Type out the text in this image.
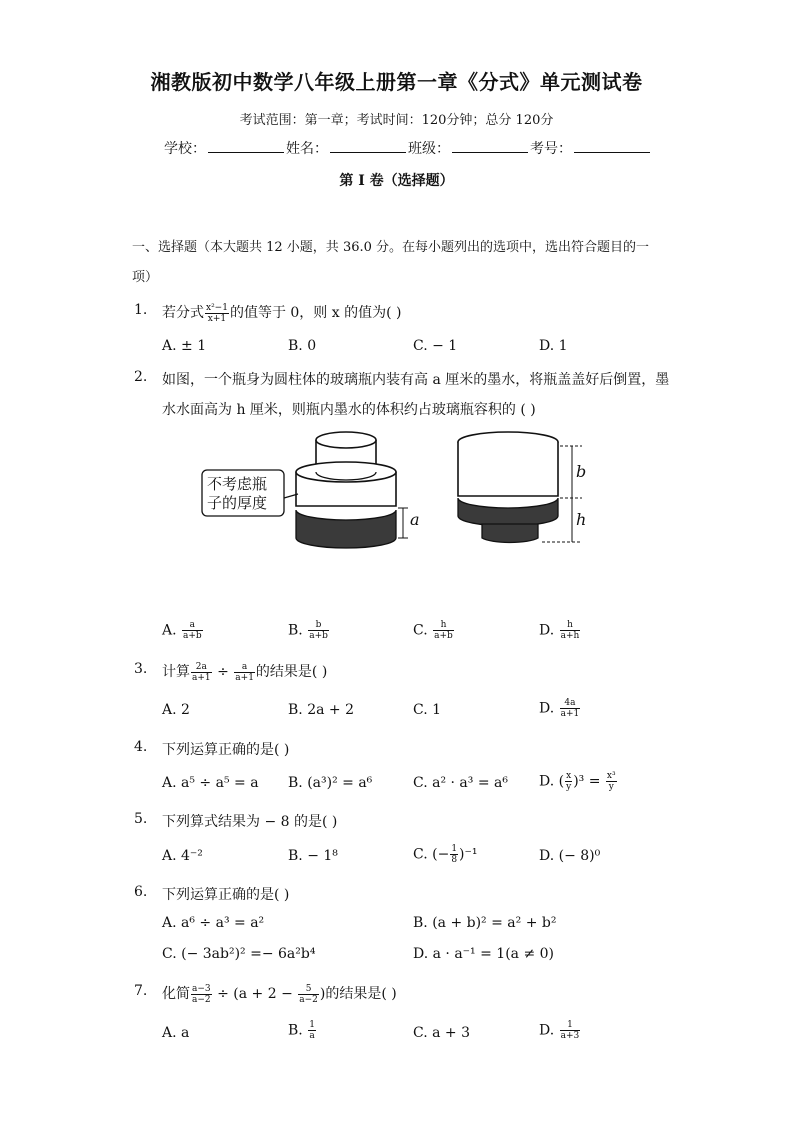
湘教版初中数学八年级上册第一章《分式》单元测试卷
考试范围：第一章；考试时间：120分钟；总分 120分
学校：	姓名：	班级：	考号：
第 I 卷（选择题）
一、选择题（本大题共 12 小题，共 36.0 分。在每小题列出的选项中，选出符合题目的一项）
1. 若分式 $\frac{\text{x²−1}}{x+1}$ 的值等于 0，则 x 的值为( )
A. ± 1	B. 0	C. − 1	D. 1
2. 如图，一个瓶身为圆柱体的玻璃瓶内装有高 a 厘米的墨水，将瓶盖盖好后倒置，墨
水水面高为 h 厘米，则瓶内墨水的体积约占玻璃瓶容积的 ( )
不考虑瓶
子的厚度
a
b
h
A. $\frac{a}{a+b}$	B. $\frac{b}{a+b}$	C. $\frac{h}{a+b}$	D. $\frac{h}{a+h}$
3. 计算 $\frac{2a}{a+1} \div \frac{a}{a+1}$ 的结果是( )
A. 2	B. 2a + 2	C. 1	D. $\frac{4a}{a+1}$
4. 下列运算正确的是( )
A. a⁵ ÷ a⁵ = a B. (a³)² = a⁶	C. a² · a³ = a⁶ D. ( $\frac{x}{y} )^3 = \frac{\text{x³}}{y}$
5. 下列算式结果为 − 8 的是( )
A. 4⁻²	B. − 1⁸	C. (− $\frac{1}{8} )^{-1}$	D. (− 8)⁰
6. 下列运算正确的是( )
A. a⁶ ÷ a³ = a²	B. (a + b)² = a² + b²
C. (− 3ab²)² =− 6a²b⁴	D. a · a⁻¹ = 1(a ≠ 0)
7. 化简 $\frac{a-3}{a-2} \div (a + 2 - \frac{5}{a-2}$ )的结果是( )
A. a	B. $\frac{1}{a}$	C. a + 3	D. $\frac{1}{a+3}$
